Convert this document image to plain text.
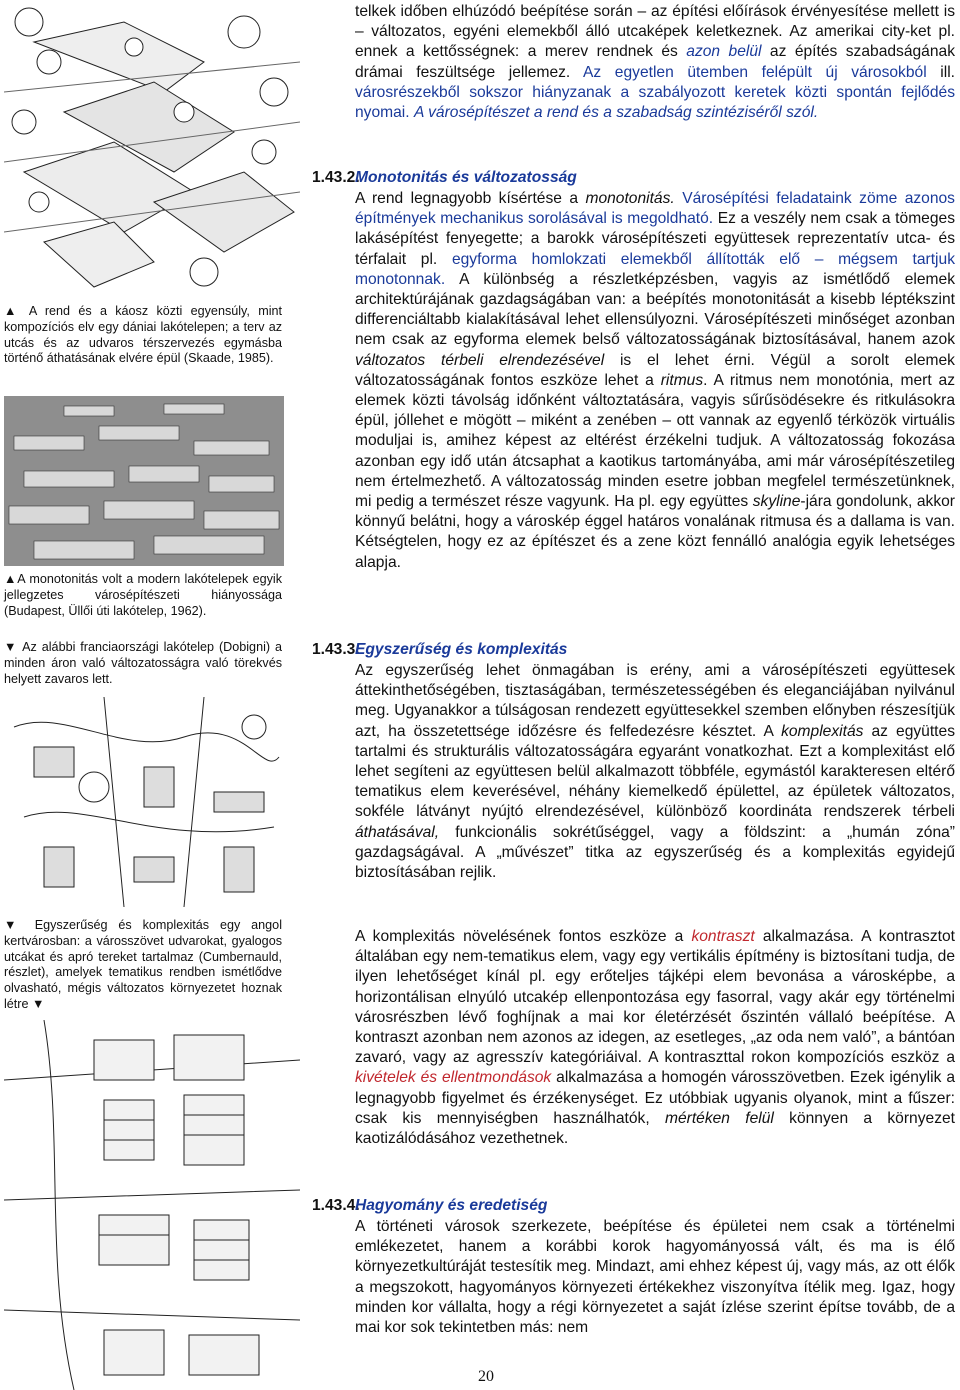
▲ A rend és a káosz közti egyensúly, mint kompozíciós elv egy dániai lakótelepen; a terv az utcás és az udvaros térszervezés egymásba történő áthatásának elvére épül (Skaade, 1985).
▲A monotonitás volt a modern lakótelepek egyik jellegzetes városépítészeti hiányossága (Budapest, Üllői úti lakótelep, 1962).
▼ Az alábbi franciaországi lakótelep (Dobigni) a minden áron való változatosságra való törekvés helyett zavaros lett.
▼ Egyszerűség és komplexitás egy angol kertvárosban: a városszövet udvarokat, gyalogos utcákat és apró tereket tartalmaz (Cumbernauld, részlet), amelyek tematikus rendben ismétlődve olvasható, mégis változatos környezetet hoznak létre ▼

telkek időben elhúzódó beépítése során – az építési előírások érvényesítése mellett is – változatos, egyéni elemekből álló utcaképek keletkeznek. Az amerikai city-ket pl. ennek a kettősségnek: a merev rendnek és azon belül az építés szabadságának drámai feszültsége jellemez. Az egyetlen ütemben felépült új városokból ill. városrészekből sokszor hiányzanak a szabályozott keretek közti spontán fejlődés nyomai. A városépítészet a rend és a szabadság szintéziséről szól.

1.43.2.Monotonitás és változatosság

A rend legnagyobb kísértése a monotonitás. Városépítési feladataink zöme azonos építmények mechanikus sorolásával is megoldható. Ez a veszély nem csak a tömeges lakásépítést fenyegette; a barokk városépítészeti együttesek reprezentatív utca- és térfalait pl. egyforma homlokzati elemekből állították elő – mégsem tartjuk monotonnak. A különbség a részletképzésben, vagyis az ismétlődő elemek architektúrájának gazdagságában van: a beépítés monotonitását a kisebb léptékszint differenciáltabb kialakításával lehet ellensúlyozni. Városépítészeti minőséget azonban nem csak az egyforma elemek belső változatosságának biztosításával, hanem azok változatos térbeli elrendezésével is el lehet érni. Végül a sorolt elemek változatosságának fontos eszköze lehet a ritmus. A ritmus nem monotónia, mert az elemek közti távolság időnként változtatására, vagyis sűrűsödésekre és ritkulásokra épül, jóllehet e mögött – miként a zenében – ott vannak az egyenlő térközök virtuális moduljai is, amihez képest az eltérést érzékelni tudjuk. A változatosság fokozása azonban egy idő után átcsaphat a kaotikus tartományába, ami már városépítészetileg nem értelmezhető. A változatosság minden esetre jobban megfelel természetünknek, mi pedig a természet része vagyunk. Ha pl. egy együttes skyline-jára gondolunk, akkor könnyű belátni, hogy a városkép éggel határos vonalának ritmusa és a dallama is van. Kétségtelen, hogy ez az építészet és a zene közt fennálló analógia egyik lehetséges alapja.

1.43.3.Egyszerűség és komplexitás

Az egyszerűség lehet önmagában is erény, ami a városépítészeti együttesek áttekinthetőségében, tisztaságában, természetességében és eleganciájában nyilvánul meg. Ugyanakkor a túlságosan rendezett együttesekkel szemben előnyben részesítjük azt, ha összetettsége időzésre és felfedezésre késztet. A komplexitás az együttes tartalmi és strukturális változatosságára egyaránt vonatkozhat. Ezt a komplexitást elő lehet segíteni az együttesen belül alkalmazott többféle, egymástól karakteresen eltérő tematikus elem keverésével, néhány kiemelkedő épülettel, az épületek változatos, sokféle látványt nyújtó elrendezésével, különböző koordináta rendszerek térbeli áthatásával, funkcionális sokrétűséggel, vagy a földszint: a „humán zóna” gazdagságával. A „művészet” titka az egyszerűség és a komplexitás egyidejű biztosításában rejlik.

A komplexitás növelésének fontos eszköze a kontraszt alkalmazása. A kontrasztot általában egy nem-tematikus elem, vagy egy vertikális építmény is biztosítani tudja, de ilyen lehetőséget kínál pl. egy erőteljes tájképi elem bevonása a városképbe, a horizontálisan elnyúló utcakép ellenpontozása egy fasorral, vagy akár egy történelmi városrészben lévő foghíjnak a mai kor életérzését őszintén vállaló beépítése. A kontraszt azonban nem azonos az idegen, az esetleges, „az oda nem való”, a bántóan zavaró, vagy az agresszív kategóriáival. A kontraszttal rokon kompozíciós eszköz a kivételek és ellentmondások alkalmazása a homogén városszövetben. Ezek igénylik a legnagyobb figyelmet és érzékenységet. Ez utóbbiak ugyanis olyanok, mint a fűszer: csak kis mennyiségben használhatók, mértéken felül könnyen a környezet kaotizálódásához vezethetnek.

1.43.4.Hagyomány és eredetiség

A történeti városok szerkezete, beépítése és épületei nem csak a történelmi emlékezetet, hanem a korábbi korok hagyományossá vált, és ma is élő környezetkultúráját testesítik meg. Mindazt, ami ehhez képest új, vagy más, az ott élők a megszokott, hagyományos környezeti értékekhez viszonyítva ítélik meg. Igaz, hogy minden kor vállalta, hogy a régi környezetet a saját ízlése szerint építse tovább, de a mai kor sok tekintetben más: nem

20
